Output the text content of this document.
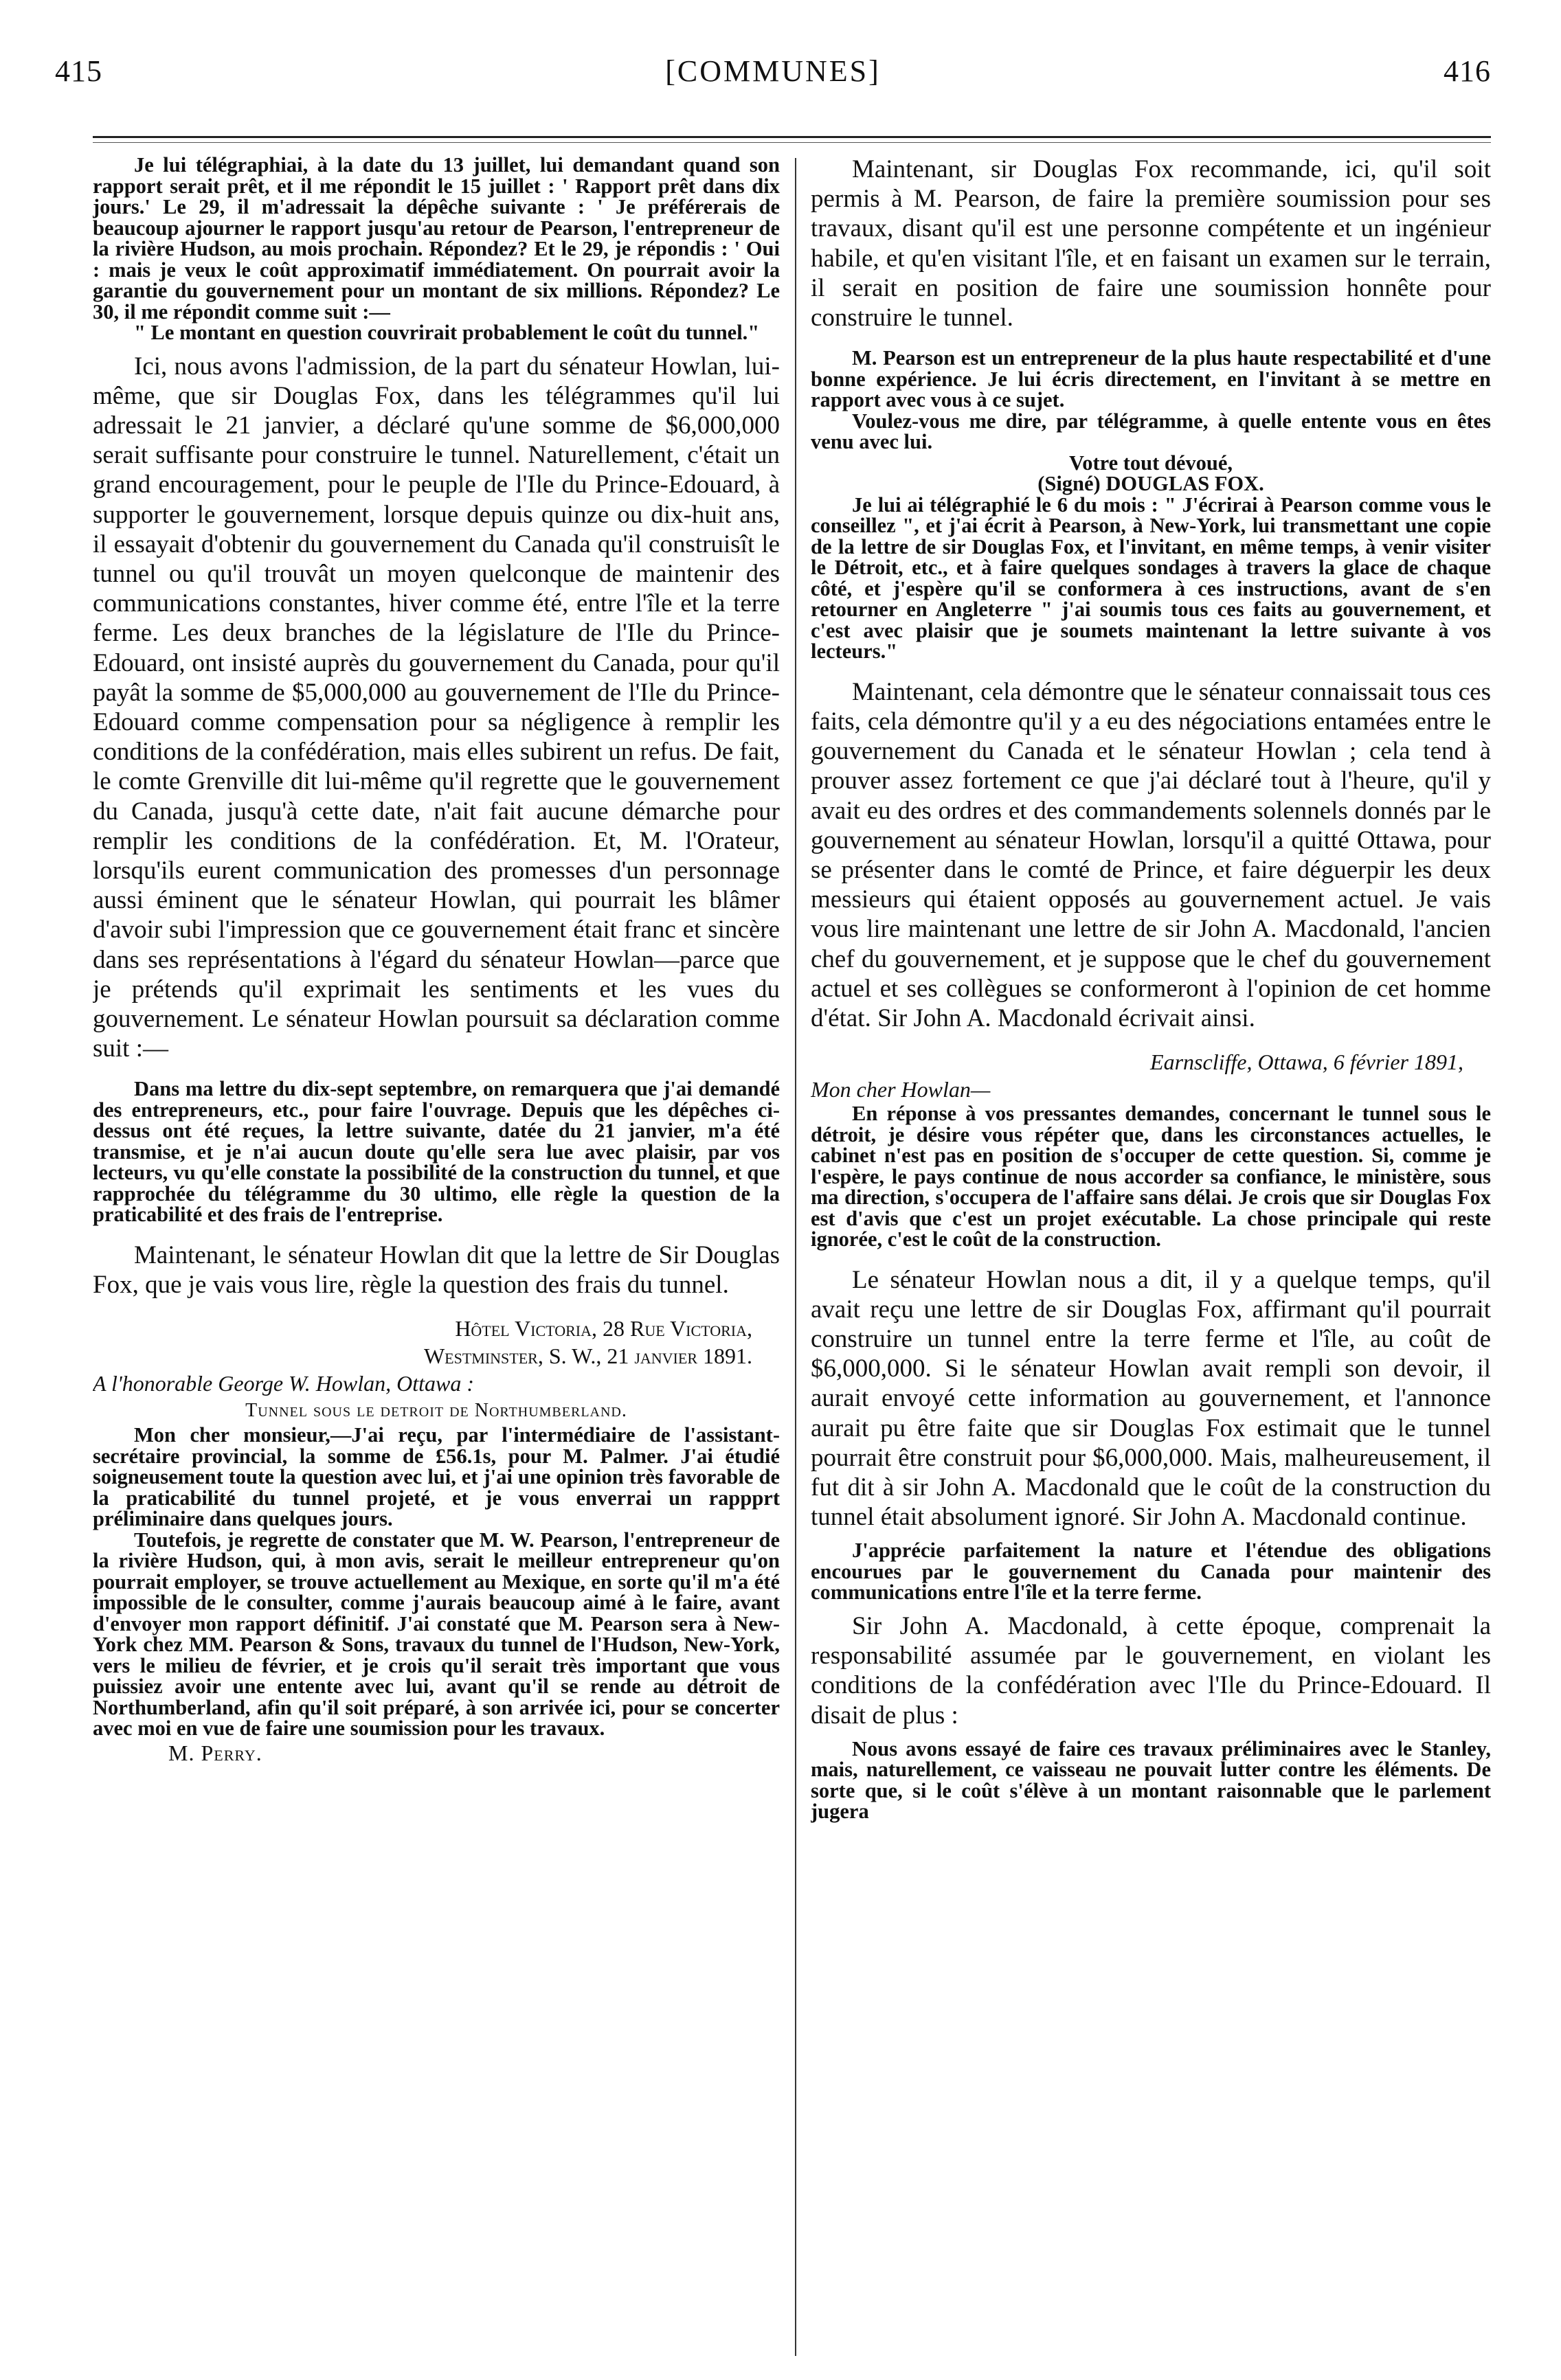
415	[COMMUNES]	416

Je lui télégraphiai, à la date du 13 juillet, lui demandant quand son rapport serait prêt, et il me répondit le 15 juillet : ' Rapport prêt dans dix jours.' Le 29, il m'adressait la dépêche suivante : ' Je préférerais de beaucoup ajourner le rapport jusqu'au retour de Pearson, l'entrepreneur de la rivière Hudson, au mois prochain. Répondez? Et le 29, je répondis : ' Oui : mais je veux le coût approximatif immédiatement. On pourrait avoir la garantie du gouvernement pour un montant de six millions. Répondez? Le 30, il me répondit comme suit :—

" Le montant en question couvrirait probablement le coût du tunnel."

Ici, nous avons l'admission, de la part du sénateur Howlan, lui-même, que sir Douglas Fox, dans les télégrammes qu'il lui adressait le 21 janvier, a déclaré qu'une somme de $6,000,000 serait suffisante pour construire le tunnel. Naturellement, c'était un grand encouragement, pour le peuple de l'Ile du Prince-Edouard, à supporter le gouvernement, lorsque depuis quinze ou dix-huit ans, il essayait d'obtenir du gouvernement du Canada qu'il construisît le tunnel ou qu'il trouvât un moyen quelconque de maintenir des communications constantes, hiver comme été, entre l'île et la terre ferme. Les deux branches de la législature de l'Ile du Prince-Edouard, ont insisté auprès du gouvernement du Canada, pour qu'il payât la somme de $5,000,000 au gouvernement de l'Ile du Prince-Edouard comme compensation pour sa négligence à remplir les conditions de la confédération, mais elles subirent un refus. De fait, le comte Grenville dit lui-même qu'il regrette que le gouvernement du Canada, jusqu'à cette date, n'ait fait aucune démarche pour remplir les conditions de la confédération. Et, M. l'Orateur, lorsqu'ils eurent communication des promesses d'un personnage aussi éminent que le sénateur Howlan, qui pourrait les blâmer d'avoir subi l'impression que ce gouvernement était franc et sincère dans ses représentations à l'égard du sénateur Howlan—parce que je prétends qu'il exprimait les sentiments et les vues du gouvernement. Le sénateur Howlan poursuit sa déclaration comme suit :—

Dans ma lettre du dix-sept septembre, on remarquera que j'ai demandé des entrepreneurs, etc., pour faire l'ouvrage. Depuis que les dépêches ci-dessus ont été reçues, la lettre suivante, datée du 21 janvier, m'a été transmise, et je n'ai aucun doute qu'elle sera lue avec plaisir, par vos lecteurs, vu qu'elle constate la possibilité de la construction du tunnel, et que rapprochée du télégramme du 30 ultimo, elle règle la question de la praticabilité et des frais de l'entreprise.

Maintenant, le sénateur Howlan dit que la lettre de Sir Douglas Fox, que je vais vous lire, règle la question des frais du tunnel.

Hôtel Victoria, 28 Rue Victoria,

Westminster, S. W., 21 janvier 1891.

A l'honorable George W. Howlan, Ottawa :

Tunnel sous le detroit de Northumberland.

Mon cher monsieur,—J'ai reçu, par l'intermédiaire de l'assistant-secrétaire provincial, la somme de £56.1s, pour M. Palmer. J'ai étudié soigneusement toute la question avec lui, et j'ai une opinion très favorable de la praticabilité du tunnel projeté, et je vous enverrai un rappprt préliminaire dans quelques jours.

Toutefois, je regrette de constater que M. W. Pearson, l'entrepreneur de la rivière Hudson, qui, à mon avis, serait le meilleur entrepreneur qu'on pourrait employer, se trouve actuellement au Mexique, en sorte qu'il m'a été impossible de le consulter, comme j'aurais beaucoup aimé à le faire, avant d'envoyer mon rapport définitif. J'ai constaté que M. Pearson sera à New-York chez MM. Pearson & Sons, travaux du tunnel de l'Hudson, New-York, vers le milieu de février, et je crois qu'il serait très important que vous puissiez avoir une entente avec lui, avant qu'il se rende au détroit de Northumberland, afin qu'il soit préparé, à son arrivée ici, pour se concerter avec moi en vue de faire une soumission pour les travaux.

M. Perry.

Maintenant, sir Douglas Fox recommande, ici, qu'il soit permis à M. Pearson, de faire la première soumission pour ses travaux, disant qu'il est une personne compétente et un ingénieur habile, et qu'en visitant l'île, et en faisant un examen sur le terrain, il serait en position de faire une soumission honnête pour construire le tunnel.

M. Pearson est un entrepreneur de la plus haute respectabilité et d'une bonne expérience. Je lui écris directement, en l'invitant à se mettre en rapport avec vous à ce sujet.

Voulez-vous me dire, par télégramme, à quelle entente vous en êtes venu avec lui.

Votre tout dévoué,

(Signé) DOUGLAS FOX.

Je lui ai télégraphié le 6 du mois : " J'écrirai à Pearson comme vous le conseillez ", et j'ai écrit à Pearson, à New-York, lui transmettant une copie de la lettre de sir Douglas Fox, et l'invitant, en même temps, à venir visiter le Détroit, etc., et à faire quelques sondages à travers la glace de chaque côté, et j'espère qu'il se conformera à ces instructions, avant de s'en retourner en Angleterre " j'ai soumis tous ces faits au gouvernement, et c'est avec plaisir que je soumets maintenant la lettre suivante à vos lecteurs."

Maintenant, cela démontre que le sénateur connaissait tous ces faits, cela démontre qu'il y a eu des négociations entamées entre le gouvernement du Canada et le sénateur Howlan ; cela tend à prouver assez fortement ce que j'ai déclaré tout à l'heure, qu'il y avait eu des ordres et des commandements solennels donnés par le gouvernement au sénateur Howlan, lorsqu'il a quitté Ottawa, pour se présenter dans le comté de Prince, et faire déguerpir les deux messieurs qui étaient opposés au gouvernement actuel. Je vais vous lire maintenant une lettre de sir John A. Macdonald, l'ancien chef du gouvernement, et je suppose que le chef du gouvernement actuel et ses collègues se conformeront à l'opinion de cet homme d'état. Sir John A. Macdonald écrivait ainsi.

Earnscliffe, Ottawa, 6 février 1891,

Mon cher Howlan—

En réponse à vos pressantes demandes, concernant le tunnel sous le détroit, je désire vous répéter que, dans les circonstances actuelles, le cabinet n'est pas en position de s'occuper de cette question. Si, comme je l'espère, le pays continue de nous accorder sa confiance, le ministère, sous ma direction, s'occupera de l'affaire sans délai. Je crois que sir Douglas Fox est d'avis que c'est un projet exécutable. La chose principale qui reste ignorée, c'est le coût de la construction.

Le sénateur Howlan nous a dit, il y a quelque temps, qu'il avait reçu une lettre de sir Douglas Fox, affirmant qu'il pourrait construire un tunnel entre la terre ferme et l'île, au coût de $6,000,000. Si le sénateur Howlan avait rempli son devoir, il aurait envoyé cette information au gouvernement, et l'annonce aurait pu être faite que sir Douglas Fox estimait que le tunnel pourrait être construit pour $6,000,000. Mais, malheureusement, il fut dit à sir John A. Macdonald que le coût de la construction du tunnel était absolument ignoré. Sir John A. Macdonald continue.

J'apprécie parfaitement la nature et l'étendue des obligations encourues par le gouvernement du Canada pour maintenir des communications entre l'île et la terre ferme.

Sir John A. Macdonald, à cette époque, comprenait la responsabilité assumée par le gouvernement, en violant les conditions de la confédération avec l'Ile du Prince-Edouard. Il disait de plus :

Nous avons essayé de faire ces travaux préliminaires avec le Stanley, mais, naturellement, ce vaisseau ne pouvait lutter contre les éléments. De sorte que, si le coût s'élève à un montant raisonnable que le parlement jugera
